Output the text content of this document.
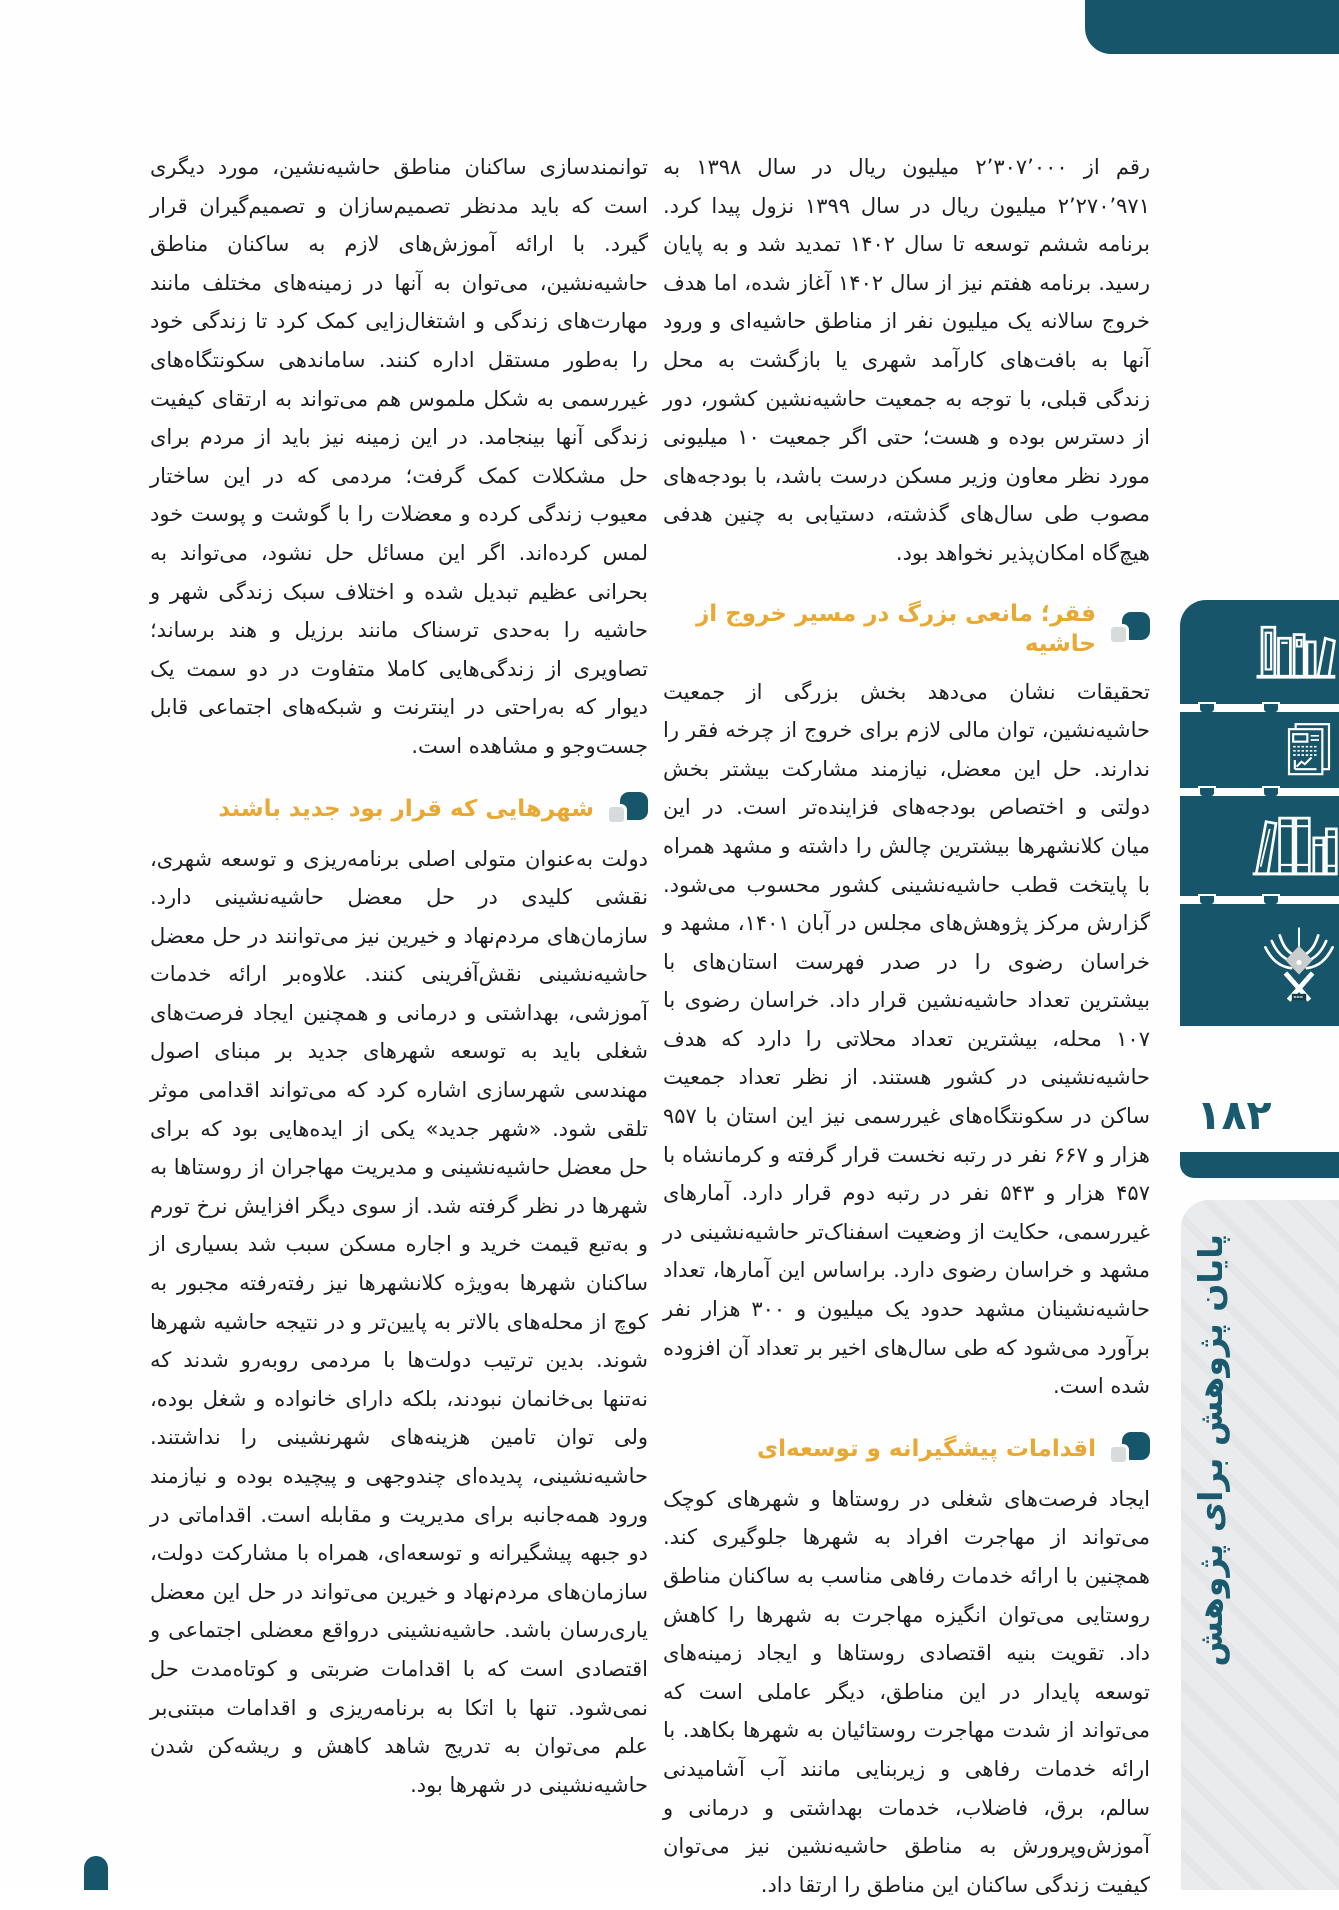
رقم از ۲٬۳۰۷٬۰۰۰ میلیون ریال در سال ۱۳۹۸ به ۲٬۲۷۰٬۹۷۱ میلیون ریال در سال ۱۳۹۹ نزول پیدا کرد. برنامه ششم توسعه تا سال ۱۴۰۲ تمدید شد و به پایان رسید. برنامه هفتم نیز از سال ۱۴۰۲ آغاز شده، اما هدف خروج سالانه یک میلیون نفر از مناطق حاشیه‌ای و ورود آنها به بافت‌های کارآمد شهری یا بازگشت به محل زندگی قبلی، با توجه به جمعیت حاشیه‌نشین کشور، دور از دسترس بوده و هست؛ حتی اگر جمعیت ۱۰ میلیونی مورد نظر معاون وزیر مسکن درست باشد، با بودجه‌های مصوب طی سال‌های گذشته، دستیابی به چنین هدفی هیچ‌گاه امکان‌پذیر نخواهد بود.

فقر؛ مانعی بزرگ در مسیر خروج از حاشیه

تحقیقات نشان می‌دهد بخش بزرگی از جمعیت حاشیه‌نشین، توان مالی لازم برای خروج از چرخه فقر را ندارند. حل این معضل، نیازمند مشارکت بیشتر بخش دولتی و اختصاص بودجه‌های فزاینده‌تر است. در این میان کلانشهرها بیشترین چالش را داشته و مشهد همراه با پایتخت قطب حاشیه‌نشینی کشور محسوب می‌شود. گزارش مرکز پژوهش‌های مجلس در آبان ۱۴۰۱، مشهد و خراسان رضوی را در صدر فهرست استان‌های با بیشترین تعداد حاشیه‌نشین قرار داد. خراسان رضوی با ۱۰۷ محله، بیشترین تعداد محلاتی را دارد که هدف حاشیه‌نشینی در کشور هستند. از نظر تعداد جمعیت ساکن در سکونتگاه‌های غیررسمی نیز این استان با ۹۵۷ هزار و ۶۶۷ نفر در رتبه نخست قرار گرفته و کرمانشاه با ۴۵۷ هزار و ۵۴۳ نفر در رتبه دوم قرار دارد. آمارهای غیررسمی، حکایت از وضعیت اسفناک‌تر حاشیه‌نشینی در مشهد و خراسان رضوی دارد. براساس این آمارها، تعداد حاشیه‌نشینان مشهد حدود یک میلیون و ۳۰۰ هزار نفر برآورد می‌شود که طی سال‌های اخیر بر تعداد آن افزوده شده است.

اقدامات پیشگیرانه و توسعه‌ای

ایجاد فرصت‌های شغلی در روستاها و شهرهای کوچک می‌تواند از مهاجرت افراد به شهرها جلوگیری کند. همچنین با ارائه خدمات رفاهی مناسب به ساکنان مناطق روستایی می‌توان انگیزه مهاجرت به شهرها را کاهش داد. تقویت بنیه اقتصادی روستاها و ایجاد زمینه‌های توسعه پایدار در این مناطق، دیگر عاملی است که می‌تواند از شدت مهاجرت روستائیان به شهرها بکاهد. با ارائه خدمات رفاهی و زیربنایی مانند آب آشامیدنی سالم، برق، فاضلاب، خدمات بهداشتی و درمانی و آموزش‌وپرورش به مناطق حاشیه‌نشین نیز می‌توان کیفیت زندگی ساکنان این مناطق را ارتقا داد.

توانمندسازی ساکنان مناطق حاشیه‌نشین، مورد دیگری است که باید مدنظر تصمیم‌سازان و تصمیم‌گیران قرار گیرد. با ارائه آموزش‌های لازم به ساکنان مناطق حاشیه‌نشین، می‌توان به آنها در زمینه‌های مختلف مانند مهارت‌های زندگی و اشتغال‌زایی کمک کرد تا زندگی خود را به‌طور مستقل اداره کنند. ساماندهی سکونتگاه‌های غیررسمی به شکل ملموس هم می‌تواند به ارتقای کیفیت زندگی آنها بینجامد. در این زمینه نیز باید از مردم برای حل مشکلات کمک گرفت؛ مردمی که در این ساختار معیوب زندگی کرده و معضلات را با گوشت و پوست خود لمس کرده‌اند. اگر این مسائل حل نشود، می‌تواند به بحرانی عظیم تبدیل شده و اختلاف سبک زندگی شهر و حاشیه را به‌حدی ترسناک مانند برزیل و هند برساند؛ تصاویری از زندگی‌هایی کاملا متفاوت در دو سمت یک دیوار که به‌راحتی در اینترنت و شبکه‌های اجتماعی قابل جست‌وجو و مشاهده است.

شهرهایی که قرار بود جدید باشند

دولت به‌عنوان متولی اصلی برنامه‌ریزی و توسعه شهری، نقشی کلیدی در حل معضل حاشیه‌نشینی دارد. سازمان‌های مردم‌نهاد و خیرین نیز می‌توانند در حل معضل حاشیه‌نشینی نقش‌آفرینی کنند. علاوه‌بر ارائه خدمات آموزشی، بهداشتی و درمانی و همچنین ایجاد فرصت‌های شغلی باید به توسعه شهرهای جدید بر مبنای اصول مهندسی شهرسازی اشاره کرد که می‌تواند اقدامی موثر تلقی شود. «شهر جدید» یکی از ایده‌هایی بود که برای حل معضل حاشیه‌نشینی و مدیریت مهاجران از روستاها به شهرها در نظر گرفته شد. از سوی دیگر افزایش نرخ تورم و به‌تبع قیمت خرید و اجاره مسکن سبب شد بسیاری از ساکنان شهرها به‌ویژه کلانشهرها نیز رفته‌رفته مجبور به کوچ از محله‌های بالاتر به پایین‌تر و در نتیجه حاشیه شهرها شوند. بدین ترتیب دولت‌ها با مردمی روبه‌رو شدند که نه‌تنها بی‌خانمان نبودند، بلکه دارای خانواده و شغل بوده، ولی توان تامین هزینه‌های شهرنشینی را نداشتند. حاشیه‌نشینی، پدیده‌ای چندوجهی و پیچیده بوده و نیازمند ورود همه‌جانبه برای مدیریت و مقابله است. اقداماتی در دو جبهه پیشگیرانه و توسعه‌ای، همراه با مشارکت دولت، سازمان‌های مردم‌نهاد و خیرین می‌تواند در حل این معضل یاری‌رسان باشد. حاشیه‌نشینی درواقع معضلی اجتماعی و اقتصادی است که با اقدامات ضربتی و کوتاه‌مدت حل نمی‌شود. تنها با اتکا به برنامه‌ریزی و اقدامات مبتنی‌بر علم می‌توان به تدریج شاهد کاهش و ریشه‌کن شدن حاشیه‌نشینی در شهرها بود.

۱۸۲
پایان پژوهش برای پژوهش
